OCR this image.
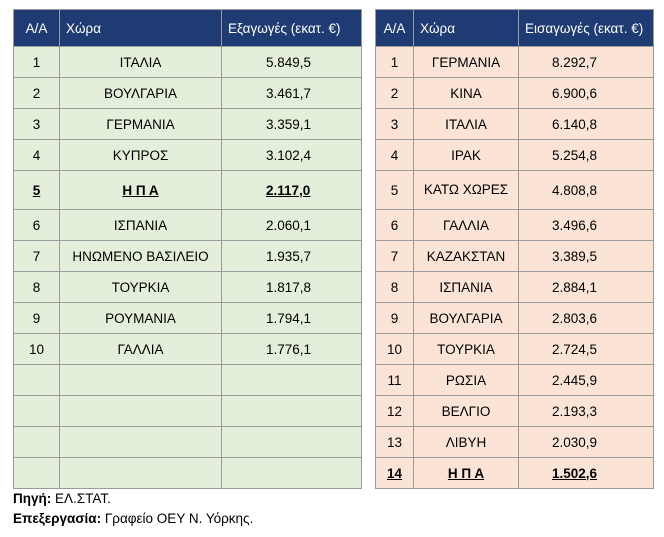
Α/Α	Χώρα	Εξαγωγές (εκατ. €)
1	ΙΤΑΛΙΑ	5.849,5
2	ΒΟΥΛΓΑΡΙΑ	3.461,7
3	ΓΕΡΜΑΝΙΑ	3.359,1
4	ΚΥΠΡΟΣ	3.102,4
5	Η Π Α	2.117,0
6	ΙΣΠΑΝΙΑ	2.060,1
7	ΗΝΩΜΕΝΟ ΒΑΣΙΛΕΙΟ	1.935,7
8	ΤΟΥΡΚΙΑ	1.817,8
9	ΡΟΥΜΑΝΙΑ	1.794,1
10	ΓΑΛΛΙΑ	1.776,1

Α/Α	Χώρα	Εισαγωγές (εκατ. €)
1	ΓΕΡΜΑΝΙΑ	8.292,7
2	ΚΙΝΑ	6.900,6
3	ΙΤΑΛΙΑ	6.140,8
4	ΙΡΑΚ	5.254,8
5	ΚΑΤΩ ΧΩΡΕΣ	4.808,8
6	ΓΑΛΛΙΑ	3.496,6
7	ΚΑΖΑΚΣΤΑΝ	3.389,5
8	ΙΣΠΑΝΙΑ	2.884,1
9	ΒΟΥΛΓΑΡΙΑ	2.803,6
10	ΤΟΥΡΚΙΑ	2.724,5
11	ΡΩΣΙΑ	2.445,9
12	ΒΕΛΓΙΟ	2.193,3
13	ΛΙΒΥΗ	2.030,9
14	Η Π Α	1.502,6
Πηγή: ΕΛ.ΣΤΑΤ.
Επεξεργασία: Γραφείο ΟΕΥ Ν. Υόρκης.
